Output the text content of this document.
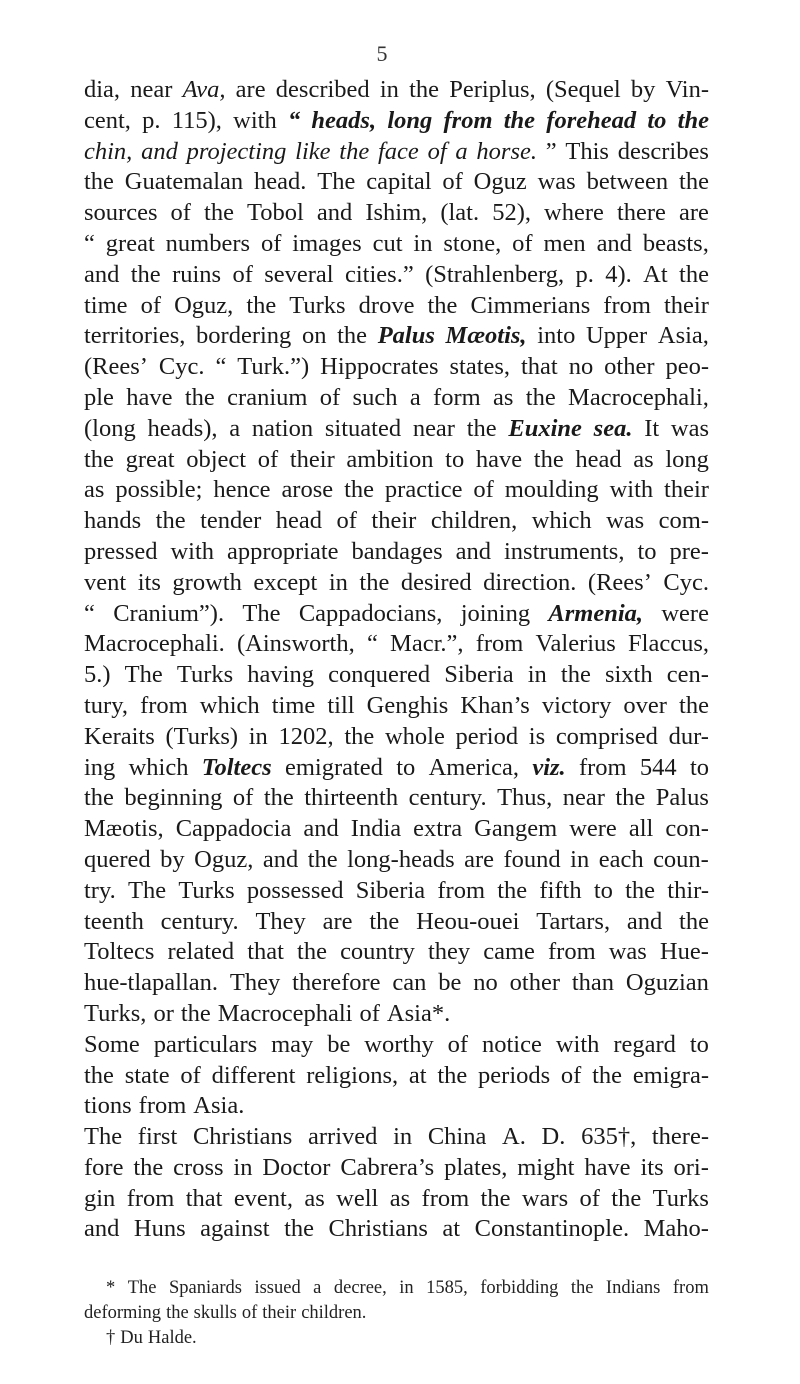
5
dia, near Ava, are described in the Periplus, (Sequel by Vin-
cent, p. 115), with “ heads, long from the forehead to the
chin, and projecting like the face of a horse. ” This describes
the Guatemalan head. The capital of Oguz was between the
sources of the Tobol and Ishim, (lat. 52), where there are
“ great numbers of images cut in stone, of men and beasts,
and the ruins of several cities.” (Strahlenberg, p. 4). At the
time of Oguz, the Turks drove the Cimmerians from their
territories, bordering on the Palus Mæotis, into Upper Asia,
(Rees’ Cyc. “ Turk.”) Hippocrates states, that no other peo-
ple have the cranium of such a form as the Macrocephali,
(long heads), a nation situated near the Euxine sea. It was
the great object of their ambition to have the head as long
as possible; hence arose the practice of moulding with their
hands the tender head of their children, which was com-
pressed with appropriate bandages and instruments, to pre-
vent its growth except in the desired direction. (Rees’ Cyc.
“ Cranium”). The Cappadocians, joining Armenia, were
Macrocephali. (Ainsworth, “ Macr.”, from Valerius Flaccus,
5.) The Turks having conquered Siberia in the sixth cen-
tury, from which time till Genghis Khan’s victory over the
Keraits (Turks) in 1202, the whole period is comprised dur-
ing which Toltecs emigrated to America, viz. from 544 to
the beginning of the thirteenth century. Thus, near the Palus
Mæotis, Cappadocia and India extra Gangem were all con-
quered by Oguz, and the long-heads are found in each coun-
try. The Turks possessed Siberia from the fifth to the thir-
teenth century. They are the Heou-ouei Tartars, and the
Toltecs related that the country they came from was Hue-
hue-tlapallan. They therefore can be no other than Oguzian
Turks, or the Macrocephali of Asia*.
Some particulars may be worthy of notice with regard to
the state of different religions, at the periods of the emigra-
tions from Asia.
The first Christians arrived in China A. D. 635†, there-
fore the cross in Doctor Cabrera’s plates, might have its ori-
gin from that event, as well as from the wars of the Turks
and Huns against the Christians at Constantinople. Maho-
* The Spaniards issued a decree, in 1585, forbidding the Indians from
deforming the skulls of their children.
† Du Halde.
